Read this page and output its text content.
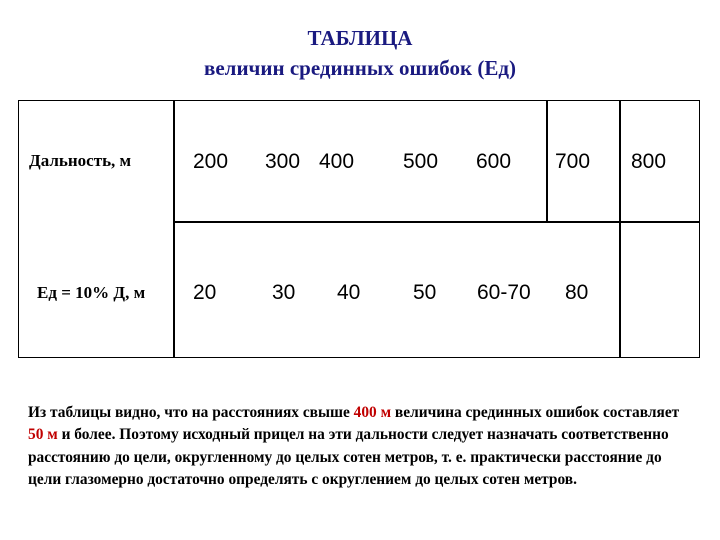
ТАБЛИЦА
величин срединных ошибок (Ед)
Дальность, м	200 300 400 500 600 700 800
Ед = 10% Д, м 20	30 40	50 60-70 80
Из таблицы видно, что на расстояниях свыше 400 м величина срединных ошибок составляет 50 м и более. Поэтому исходный прицел на эти дальности следует назначать соответственно расстоянию до цели, округленному до целых сотен метров, т. е. практически расстояние до цели глазомерно достаточно определять с округлением до целых сотен метров.
